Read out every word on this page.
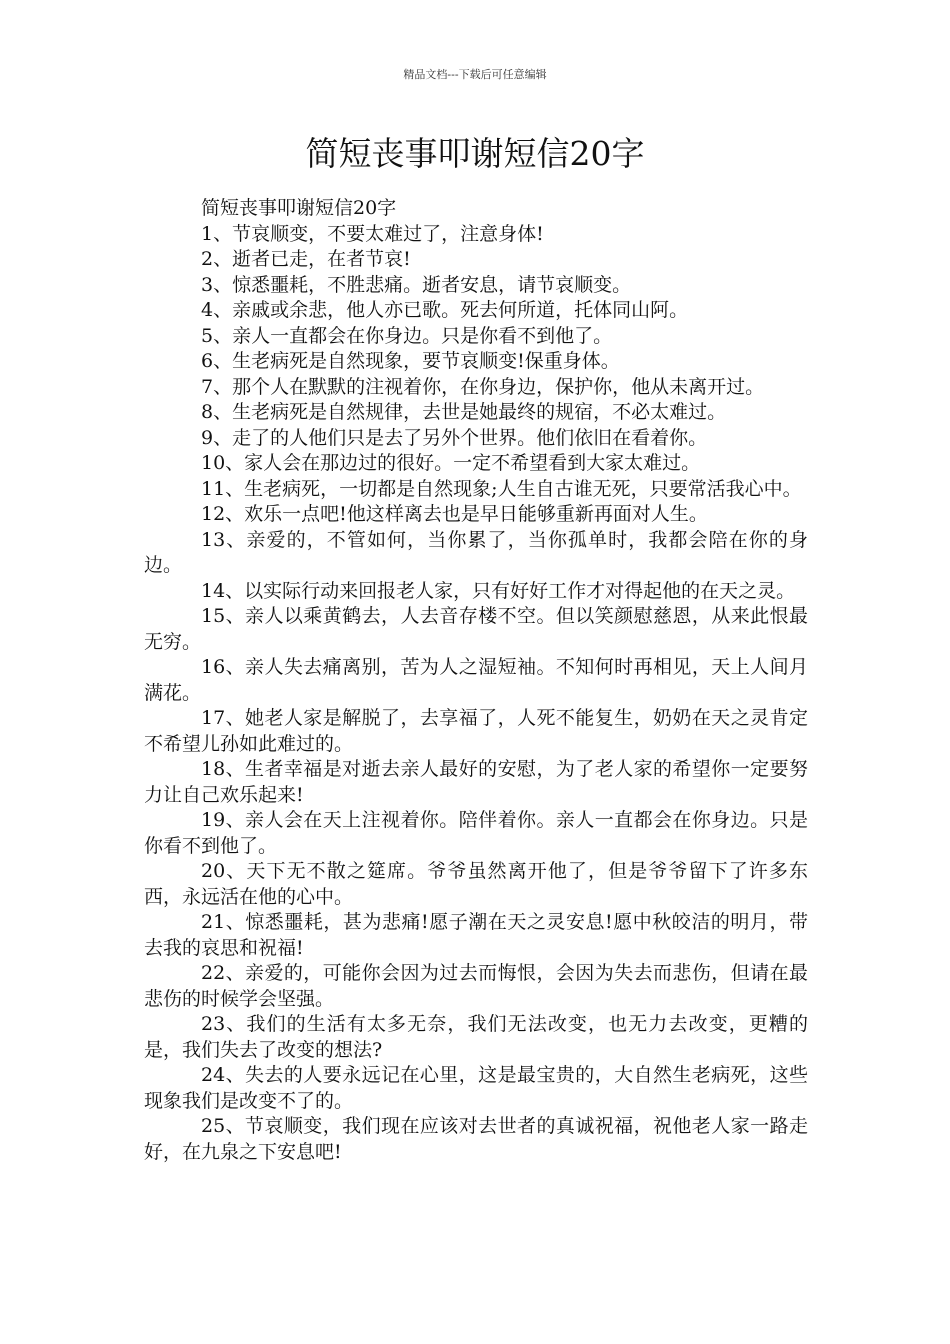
精品文档---下载后可任意编辑
简短丧事叩谢短信20字

简短丧事叩谢短信20字

1、节哀顺变，不要太难过了，注意身体!

2、逝者已走，在者节哀!

3、惊悉噩耗，不胜悲痛。逝者安息，请节哀顺变。

4、亲戚或余悲，他人亦已歌。死去何所道，托体同山阿。

5、亲人一直都会在你身边。只是你看不到他了。

6、生老病死是自然现象，要节哀顺变!保重身体。

7、那个人在默默的注视着你，在你身边，保护你，他从未离开过。

8、生老病死是自然规律，去世是她最终的规宿，不必太难过。

9、走了的人他们只是去了另外个世界。他们依旧在看着你。

10、家人会在那边过的很好。一定不希望看到大家太难过。

11、生老病死，一切都是自然现象;人生自古谁无死，只要常活我心中。

12、欢乐一点吧!他这样离去也是早日能够重新再面对人生。

13、亲爱的，不管如何，当你累了，当你孤单时，我都会陪在你的身边。

14、以实际行动来回报老人家，只有好好工作才对得起他的在天之灵。

15、亲人以乘黄鹤去，人去音存楼不空。但以笑颜慰慈恩，从来此恨最无穷。

16、亲人失去痛离别，苦为人之湿短袖。不知何时再相见，天上人间月满花。

17、她老人家是解脱了，去享福了，人死不能复生，奶奶在天之灵肯定不希望儿孙如此难过的。

18、生者幸福是对逝去亲人最好的安慰，为了老人家的希望你一定要努力让自己欢乐起来!

19、亲人会在天上注视着你。陪伴着你。亲人一直都会在你身边。只是你看不到他了。

20、天下无不散之筵席。爷爷虽然离开他了，但是爷爷留下了许多东西，永远活在他的心中。

21、惊悉噩耗，甚为悲痛!愿子潮在天之灵安息!愿中秋皎洁的明月，带去我的哀思和祝福!

22、亲爱的，可能你会因为过去而悔恨，会因为失去而悲伤，但请在最悲伤的时候学会坚强。

23、我们的生活有太多无奈，我们无法改变，也无力去改变，更糟的是，我们失去了改变的想法?

24、失去的人要永远记在心里，这是最宝贵的，大自然生老病死，这些现象我们是改变不了的。

25、节哀顺变，我们现在应该对去世者的真诚祝福，祝他老人家一路走好，在九泉之下安息吧!
